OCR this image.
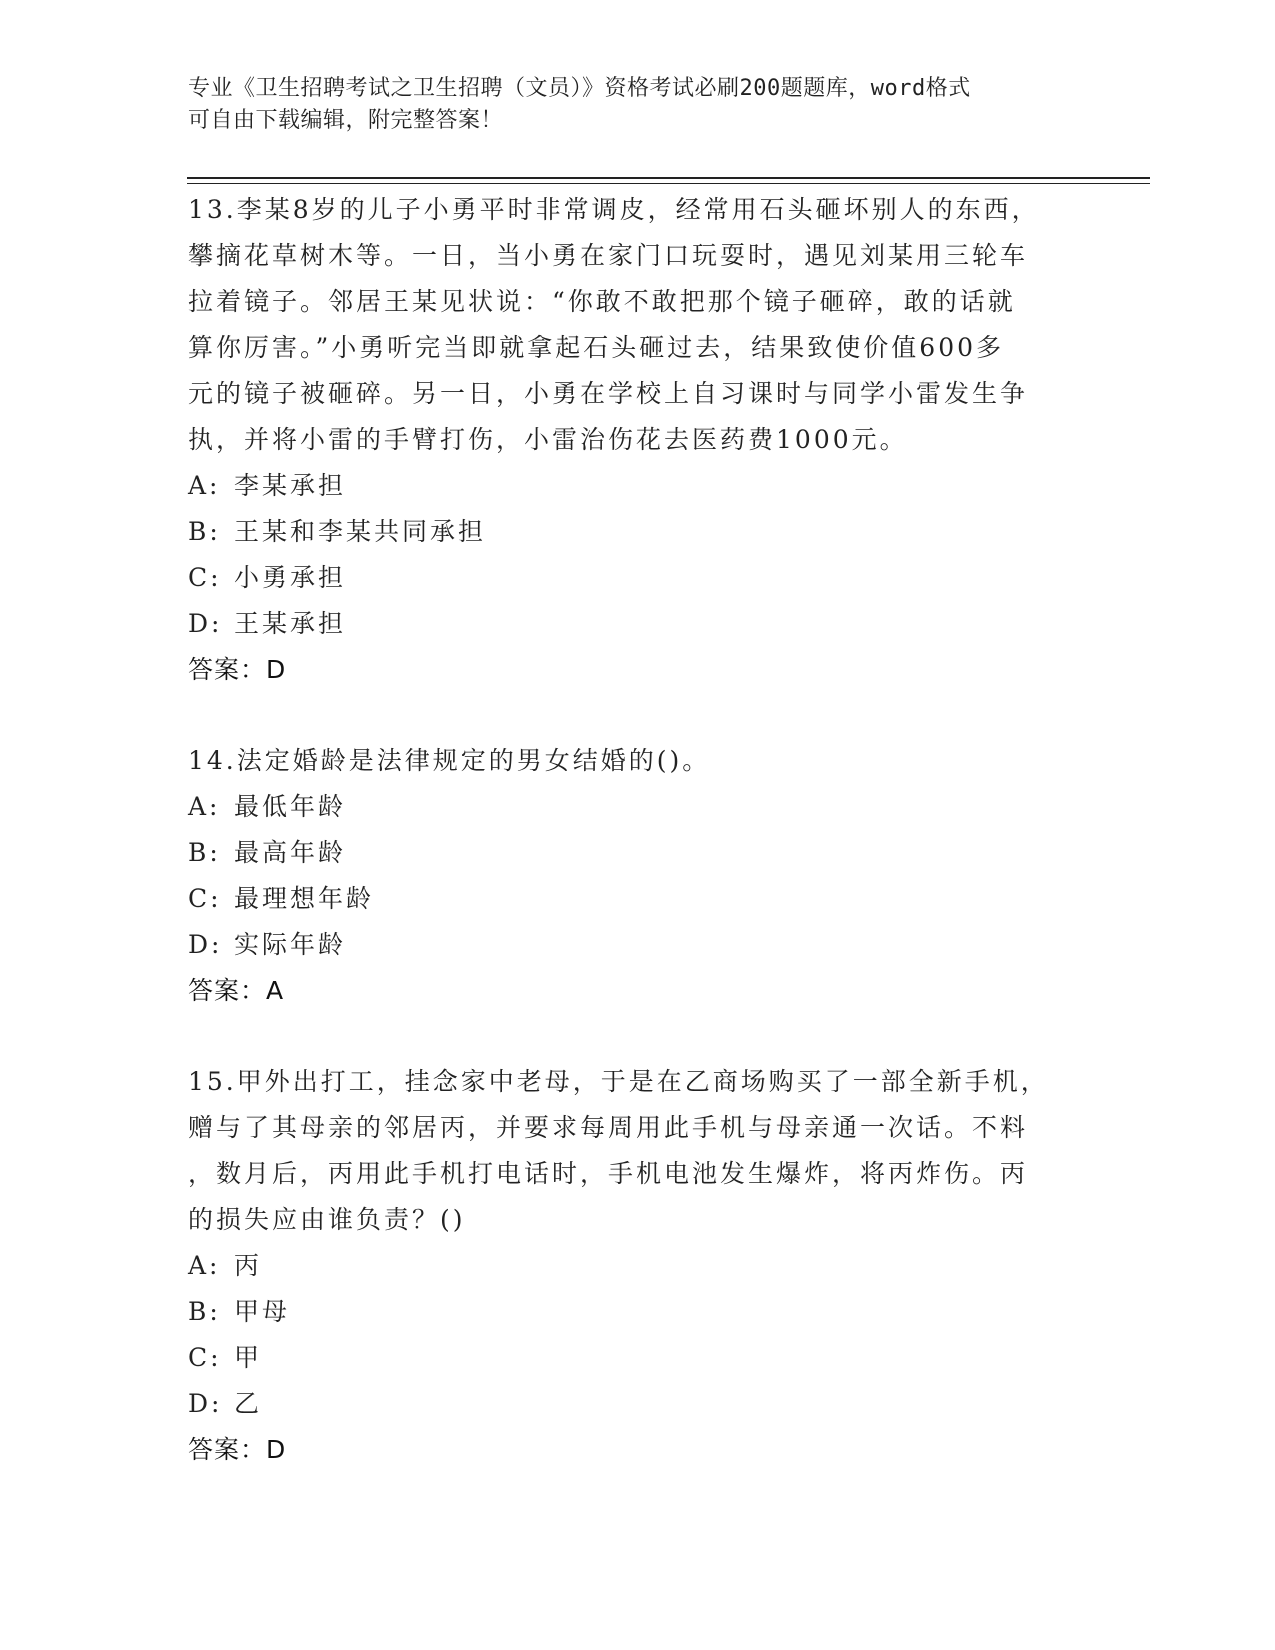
专业《卫生招聘考试之卫生招聘（文员）》资格考试必刷200题题库，word格式
可自由下载编辑，附完整答案！
13.李某8岁的儿子小勇平时非常调皮，经常用石头砸坏别人的东西，
攀摘花草树木等。一日，当小勇在家门口玩耍时，遇见刘某用三轮车
拉着镜子。邻居王某见状说：“你敢不敢把那个镜子砸碎，敢的话就
算你厉害。”小勇听完当即就拿起石头砸过去，结果致使价值600多
元的镜子被砸碎。另一日，小勇在学校上自习课时与同学小雷发生争
执，并将小雷的手臂打伤，小雷治伤花去医药费1000元。
A: 李某承担
B: 王某和李某共同承担
C: 小勇承担
D: 王某承担
答案：D
14.法定婚龄是法律规定的男女结婚的()。
A: 最低年龄
B: 最高年龄
C: 最理想年龄
D: 实际年龄
答案：A
15.甲外出打工，挂念家中老母，于是在乙商场购买了一部全新手机，
赠与了其母亲的邻居丙，并要求每周用此手机与母亲通一次话。不料
，数月后，丙用此手机打电话时，手机电池发生爆炸，将丙炸伤。丙
的损失应由谁负责？()
A: 丙
B: 甲母
C: 甲
D: 乙
答案：D
